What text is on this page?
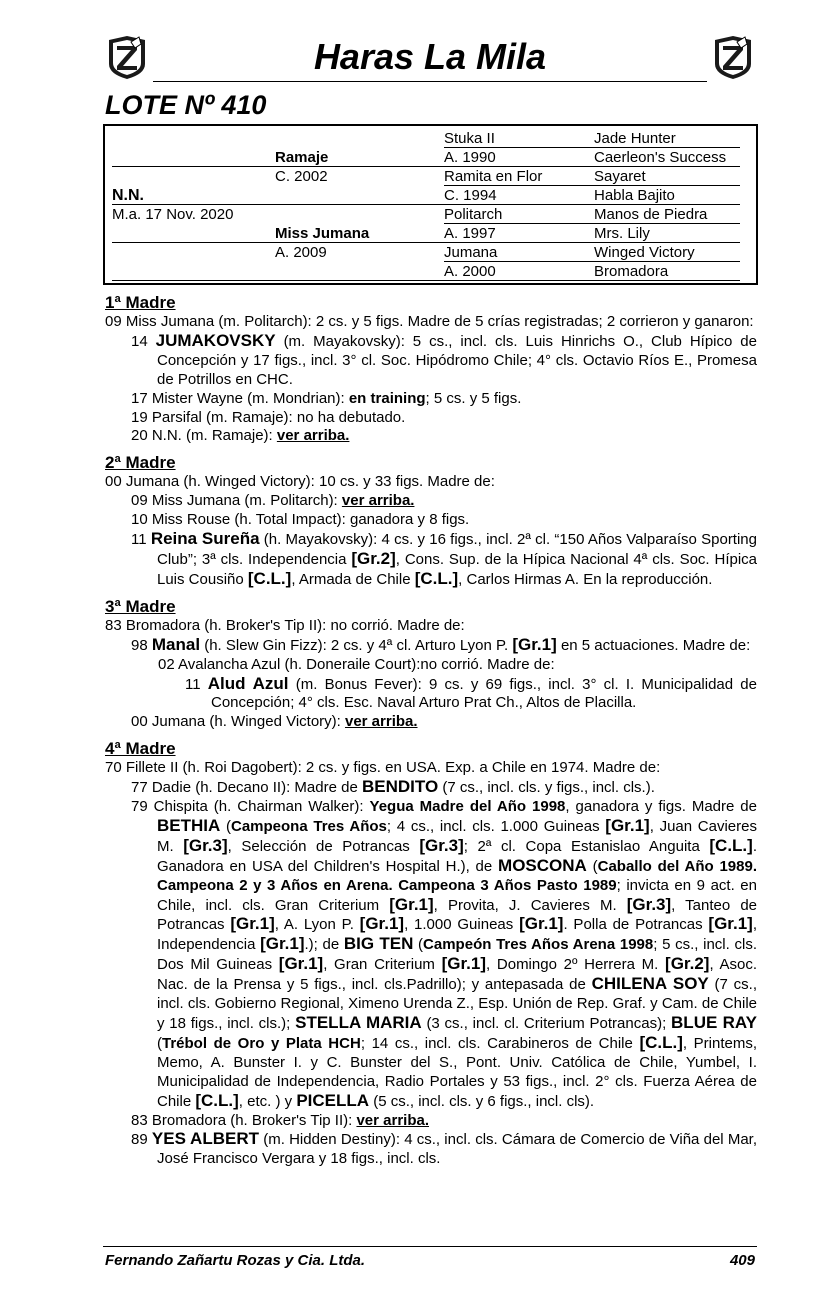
Haras La Mila
LOTE Nº 410
N.N.
M.a. 17 Nov. 2020
Ramaje
C. 2002
Miss Jumana
A. 2009
Stuka II
A. 1990
Ramita en Flor
C. 1994
Politarch
A. 1997
Jumana
A. 2000
Jade Hunter
Caerleon's Success
Sayaret
Habla Bajito
Manos de Piedra
Mrs. Lily
Winged Victory
Bromadora
1ª Madre
09 Miss Jumana (m. Politarch): 2 cs. y 5 figs. Madre de 5 crías registradas; 2 corrieron y ganaron:
14 JUMAKOVSKY (m. Mayakovsky): 5 cs., incl. cls. Luis Hinrichs O., Club Hípico de Concepción y 17 figs., incl. 3° cl. Soc. Hipódromo Chile; 4° cls. Octavio Ríos E., Promesa de Potrillos en CHC.
17 Mister Wayne (m. Mondrian): en training; 5 cs. y 5 figs.
19 Parsifal (m. Ramaje): no ha debutado.
20 N.N. (m. Ramaje): ver arriba.
2ª Madre
00 Jumana (h. Winged Victory): 10 cs. y 33 figs. Madre de:
09 Miss Jumana (m. Politarch): ver arriba.
10 Miss Rouse (h. Total Impact): ganadora y 8 figs.
11 Reina Sureña (h. Mayakovsky): 4 cs. y 16 figs., incl. 2ª cl. “150 Años Valparaíso Sporting Club”; 3ª cls. Independencia [Gr.2], Cons. Sup. de la Hípica Nacional 4ª cls. Soc. Hípica Luis Cousiño [C.L.], Armada de Chile [C.L.], Carlos Hirmas A. En la reproducción.
3ª Madre
83 Bromadora (h. Broker's Tip II): no corrió. Madre de:
98 Manal (h. Slew Gin Fizz): 2 cs. y 4ª cl. Arturo Lyon P. [Gr.1] en 5 actuaciones. Madre de:
02 Avalancha Azul (h. Doneraile Court):no corrió. Madre de:
11 Alud Azul (m. Bonus Fever): 9 cs. y 69 figs., incl. 3° cl. I. Municipalidad de Concepción; 4° cls. Esc. Naval Arturo Prat Ch., Altos de Placilla.
00 Jumana (h. Winged Victory): ver arriba.
4ª Madre
70 Fillete II (h. Roi Dagobert): 2 cs. y figs. en USA. Exp. a Chile en 1974. Madre de:
77 Dadie (h. Decano II): Madre de BENDITO (7 cs., incl. cls. y figs., incl. cls.).
79 Chispita (h. Chairman Walker): Yegua Madre del Año 1998, ganadora y figs. Madre de BETHIA (Campeona Tres Años; 4 cs., incl. cls. 1.000 Guineas [Gr.1], Juan Cavieres M. [Gr.3], Selección de Potrancas [Gr.3]; 2ª cl. Copa Estanislao Anguita [C.L.]. Ganadora en USA del Children's Hospital H.), de MOSCONA (Caballo del Año 1989. Campeona 2 y 3 Años en Arena. Campeona 3 Años Pasto 1989; invicta en 9 act. en Chile, incl. cls. Gran Criterium [Gr.1], Provita, J. Cavieres M. [Gr.3], Tanteo de Potrancas [Gr.1], A. Lyon P. [Gr.1], 1.000 Guineas [Gr.1]. Polla de Potrancas [Gr.1], Independencia [Gr.1].); de BIG TEN (Campeón Tres Años Arena 1998; 5 cs., incl. cls. Dos Mil Guineas [Gr.1], Gran Criterium [Gr.1], Domingo 2º Herrera M. [Gr.2], Asoc. Nac. de la Prensa y 5 figs., incl. cls.Padrillo); y antepasada de CHILENA SOY (7 cs., incl. cls. Gobierno Regional, Ximeno Urenda Z., Esp. Unión de Rep. Graf. y Cam. de Chile y 18 figs., incl. cls.); STELLA MARIA (3 cs., incl. cl. Criterium Potrancas); BLUE RAY (Trébol de Oro y Plata HCH; 14 cs., incl. cls. Carabineros de Chile [C.L.], Printems, Memo, A. Bunster I. y C. Bunster del S., Pont. Univ. Católica de Chile, Yumbel, I. Municipalidad de Independencia, Radio Portales y 53 figs., incl. 2° cls. Fuerza Aérea de Chile [C.L.], etc. ) y PICELLA (5 cs., incl. cls. y 6 figs., incl. cls).
83 Bromadora (h. Broker's Tip II): ver arriba.
89 YES ALBERT (m. Hidden Destiny): 4 cs., incl. cls. Cámara de Comercio de Viña del Mar, José Francisco Vergara y 18 figs., incl. cls.
Fernando Zañartu Rozas y Cia. Ltda.	409
